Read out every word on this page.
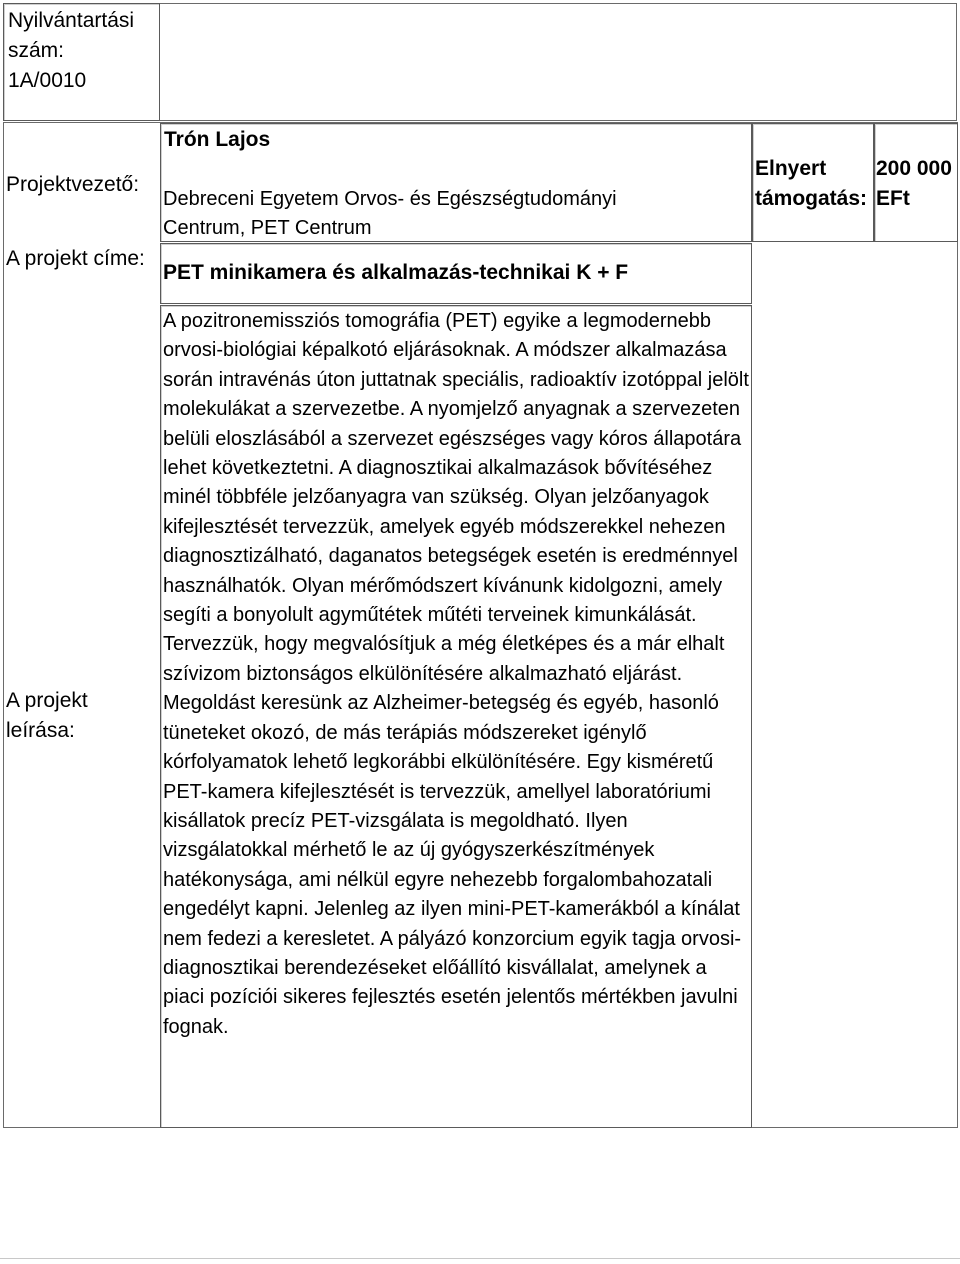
Nyilvántartási szám:
1A/0010
Projektvezető:
Trón Lajos
Debreceni Egyetem Orvos- és Egészségtudományi Centrum, PET Centrum
Elnyert támogatás:
200 000 EFt
A projekt címe:
PET minikamera és alkalmazás-technikai K + F
A projekt leírása:
A pozitronemissziós tomográfia (PET) egyike a legmodernebb orvosi-biológiai képalkotó eljárásoknak. A módszer alkalmazása során intravénás úton juttatnak speciális, radioaktív izotóppal jelölt molekulákat a szervezetbe. A nyomjelző anyagnak a szervezeten belüli eloszlásából a szervezet egészséges vagy kóros állapotára lehet következtetni. A diagnosztikai alkalmazások bővítéséhez minél többféle jelzőanyagra van szükség. Olyan jelzőanyagok kifejlesztését tervezzük, amelyek egyéb módszerekkel nehezen diagnosztizálható, daganatos betegségek esetén is eredménnyel használhatók. Olyan mérőmódszert kívánunk kidolgozni, amely segíti a bonyolult agyműtétek műtéti terveinek kimunkálását. Tervezzük, hogy megvalósítjuk a még életképes és a már elhalt szívizom biztonságos elkülönítésére alkalmazható eljárást. Megoldást keresünk az Alzheimer-betegség és egyéb, hasonló tüneteket okozó, de más terápiás módszereket igénylő kórfolyamatok lehető legkorábbi elkülönítésére. Egy kisméretű PET-kamera kifejlesztését is tervezzük, amellyel laboratóriumi kisállatok precíz PET-vizsgálata is megoldható. Ilyen vizsgálatokkal mérhető le az új gyógyszerkészítmények hatékonysága, ami nélkül egyre nehezebb forgalombahozatali engedélyt kapni. Jelenleg az ilyen mini-PET-kamerákból a kínálat nem fedezi a keresletet. A pályázó konzorcium egyik tagja orvosi-diagnosztikai berendezéseket előállító kisvállalat, amelynek a piaci pozíciói sikeres fejlesztés esetén jelentős mértékben javulni fognak.
